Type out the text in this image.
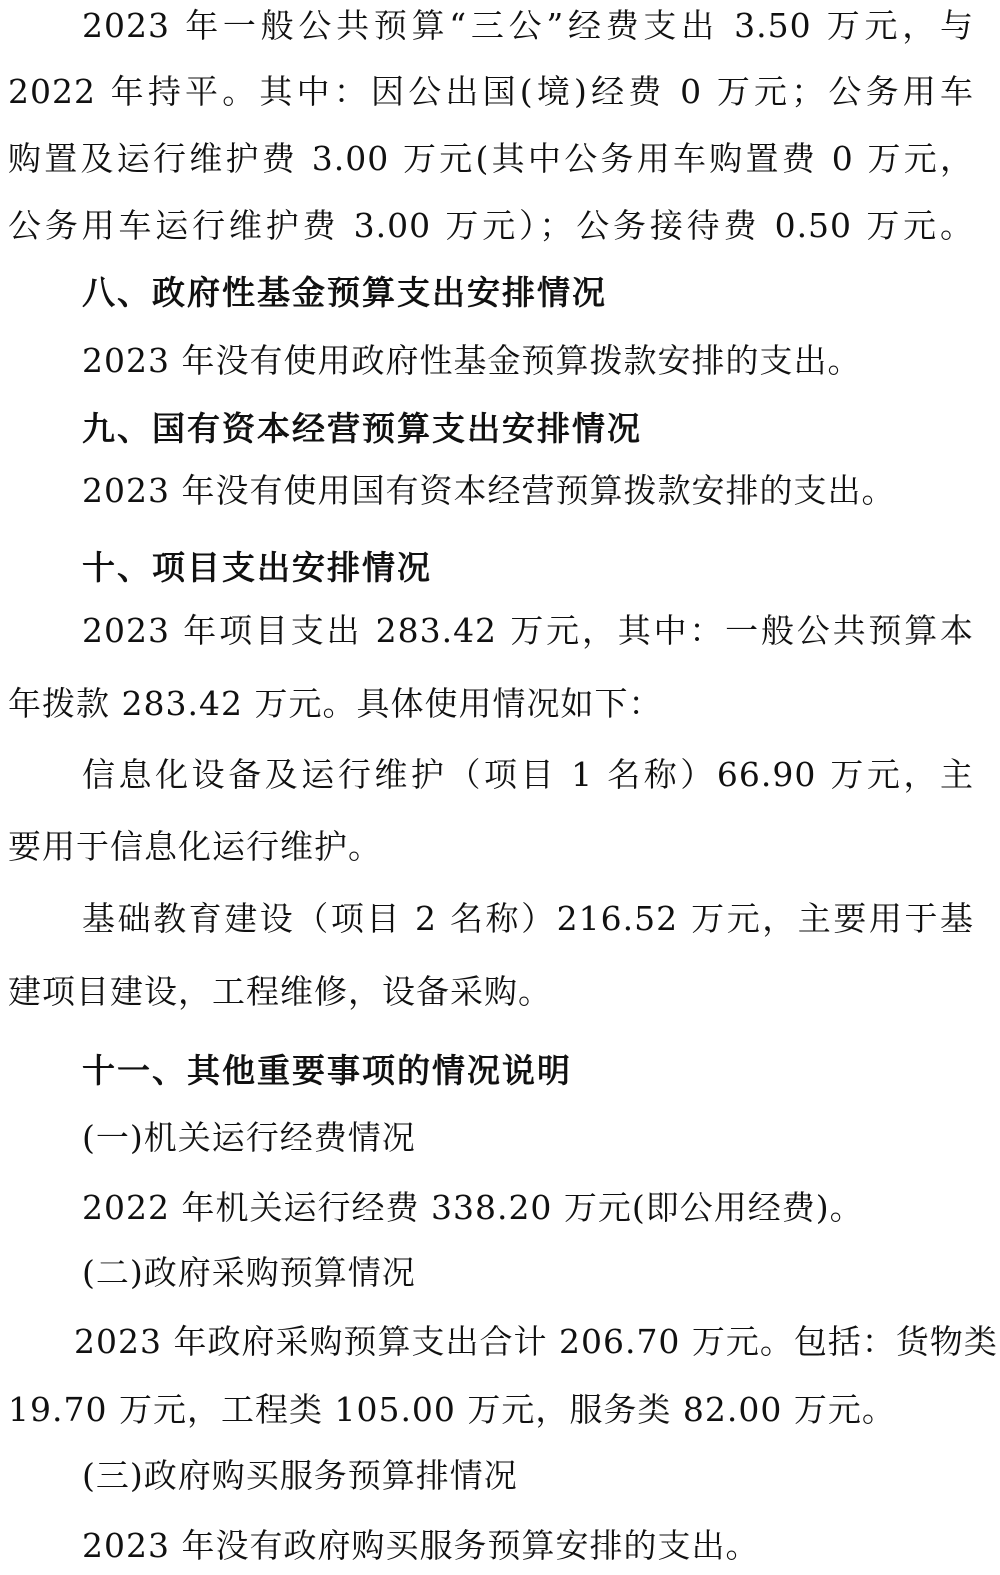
2023 年一般公共预算“三公”经费支出 3.50 万元，与
2022 年持平。其中：因公出国(境)经费 0 万元；公务用车
购置及运行维护费 3.00 万元(其中公务用车购置费 0 万元，
公务用车运行维护费 3.00 万元）；公务接待费 0.50 万元。
八、政府性基金预算支出安排情况
2023 年没有使用政府性基金预算拨款安排的支出。
九、国有资本经营预算支出安排情况
2023 年没有使用国有资本经营预算拨款安排的支出。
十、项目支出安排情况
2023 年项目支出 283.42 万元，其中：一般公共预算本
年拨款 283.42 万元。具体使用情况如下：
信息化设备及运行维护（项目 1 名称）66.90 万元，主
要用于信息化运行维护。
基础教育建设（项目 2 名称）216.52 万元，主要用于基
建项目建设，工程维修，设备采购。
十一、其他重要事项的情况说明
(一)机关运行经费情况
2022 年机关运行经费 338.20 万元(即公用经费)。
(二)政府采购预算情况
2023 年政府采购预算支出合计 206.70 万元。包括：货物类
19.70 万元，工程类 105.00 万元，服务类 82.00 万元。
(三)政府购买服务预算排情况
2023 年没有政府购买服务预算安排的支出。
